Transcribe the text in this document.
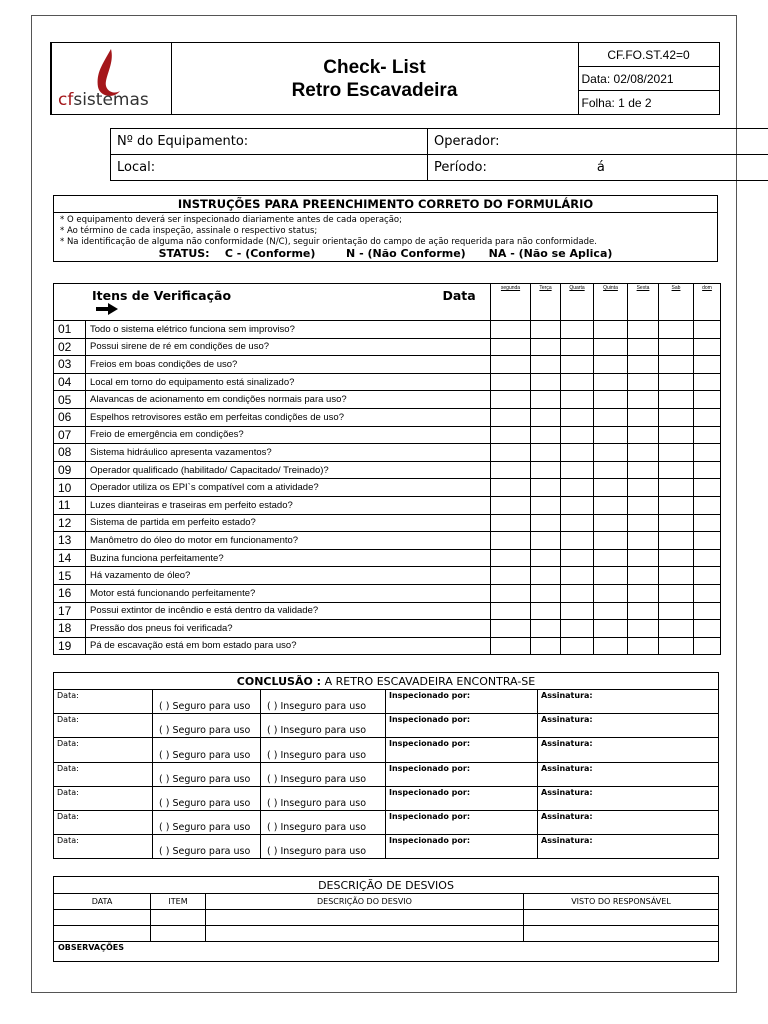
cfsistemas

Check- List
Retro Escavadeira
	CF.FO.ST.42=0
Data: 02/08/2021
Folha: 1 de 2
Nº do Equipamento:	Operador:
Local:	Período: á
INSTRUÇÕES PARA PREENCHIMENTO CORRETO DO FORMULÁRIO
* O equipamento deverá ser inspecionado diariamente antes de cada operação;
* Ao término de cada inspeção, assinale o respectivo status;
* Na identificação de alguma não conformidade (N/C), seguir orientação do campo de ação requerida para não conformidade.
STATUS:    C - (Conforme)        N - (Não Conforme)      NA - (Não se Aplica)
Itens de Verificação Data		segunda	Terça	Quarta	Quinta	Sexta	Sab	dom
01	Todo o sistema elétrico funciona sem improviso?							
02	Possui sirene de ré em condições de uso?							
03	Freios em boas condições de uso?							
04	Local em torno do equipamento está sinalizado?							
05	Alavancas de acionamento em condições normais para uso?							
06	Espelhos retrovisores estão em perfeitas condições de uso?							
07	Freio de emergência em condições?							
08	Sistema hidráulico apresenta vazamentos?							
09	Operador qualificado (habilitado/ Capacitado/ Treinado)?							
10	Operador utiliza os EPI`s compatível com a atividade?							
11	Luzes dianteiras e traseiras em perfeito estado?							
12	Sistema de partida em perfeito estado?							
13	Manômetro do óleo do motor em funcionamento?							
14	Buzina funciona perfeitamente?							
15	Há vazamento de óleo?							
16	Motor está funcionando perfeitamente?							
17	Possui extintor de incêndio e está dentro da validade?							
18	Pressão dos pneus foi verificada?							
19	Pá de escavação está em bom estado para uso?							
CONCLUSÃO : A RETRO ESCAVADEIRA ENCONTRA-SE				
Data:	( ) Seguro para uso	( ) Inseguro para uso	Inspecionado por:	Assinatura:
Data:	( ) Seguro para uso	( ) Inseguro para uso	Inspecionado por:	Assinatura:
Data:	( ) Seguro para uso	( ) Inseguro para uso	Inspecionado por:	Assinatura:
Data:	( ) Seguro para uso	( ) Inseguro para uso	Inspecionado por:	Assinatura:
Data:	( ) Seguro para uso	( ) Inseguro para uso	Inspecionado por:	Assinatura:
Data:	( ) Seguro para uso	( ) Inseguro para uso	Inspecionado por:	Assinatura:
Data:	( ) Seguro para uso	( ) Inseguro para uso	Inspecionado por:	Assinatura:
DESCRIÇÃO DE DESVIOS			
DATA	ITEM	DESCRIÇÃO DO DESVIO	VISTO DO RESPONSÁVEL

OBSERVAÇÕES			
